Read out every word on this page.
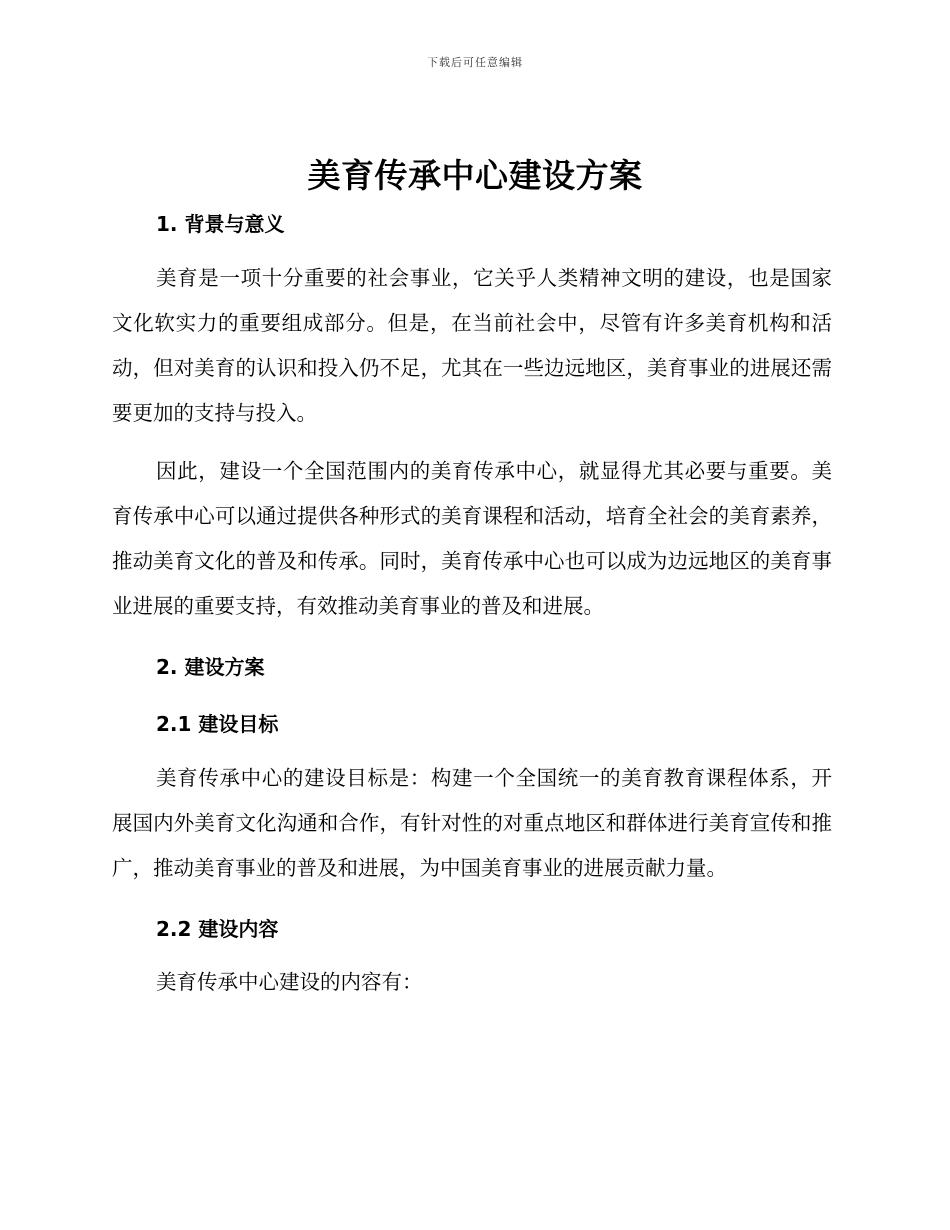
下载后可任意编辑
美育传承中心建设方案
1. 背景与意义

美育是一项十分重要的社会事业，它关乎人类精神文明的建设，也是国家文化软实力的重要组成部分。但是，在当前社会中，尽管有许多美育机构和活动，但对美育的认识和投入仍不足，尤其在一些边远地区，美育事业的进展还需要更加的支持与投入。

因此，建设一个全国范围内的美育传承中心，就显得尤其必要与重要。美育传承中心可以通过提供各种形式的美育课程和活动，培育全社会的美育素养，推动美育文化的普及和传承。同时，美育传承中心也可以成为边远地区的美育事业进展的重要支持，有效推动美育事业的普及和进展。

2. 建设方案
2.1 建设目标

美育传承中心的建设目标是：构建一个全国统一的美育教育课程体系，开展国内外美育文化沟通和合作，有针对性的对重点地区和群体进行美育宣传和推广，推动美育事业的普及和进展，为中国美育事业的进展贡献力量。

2.2 建设内容

美育传承中心建设的内容有：
